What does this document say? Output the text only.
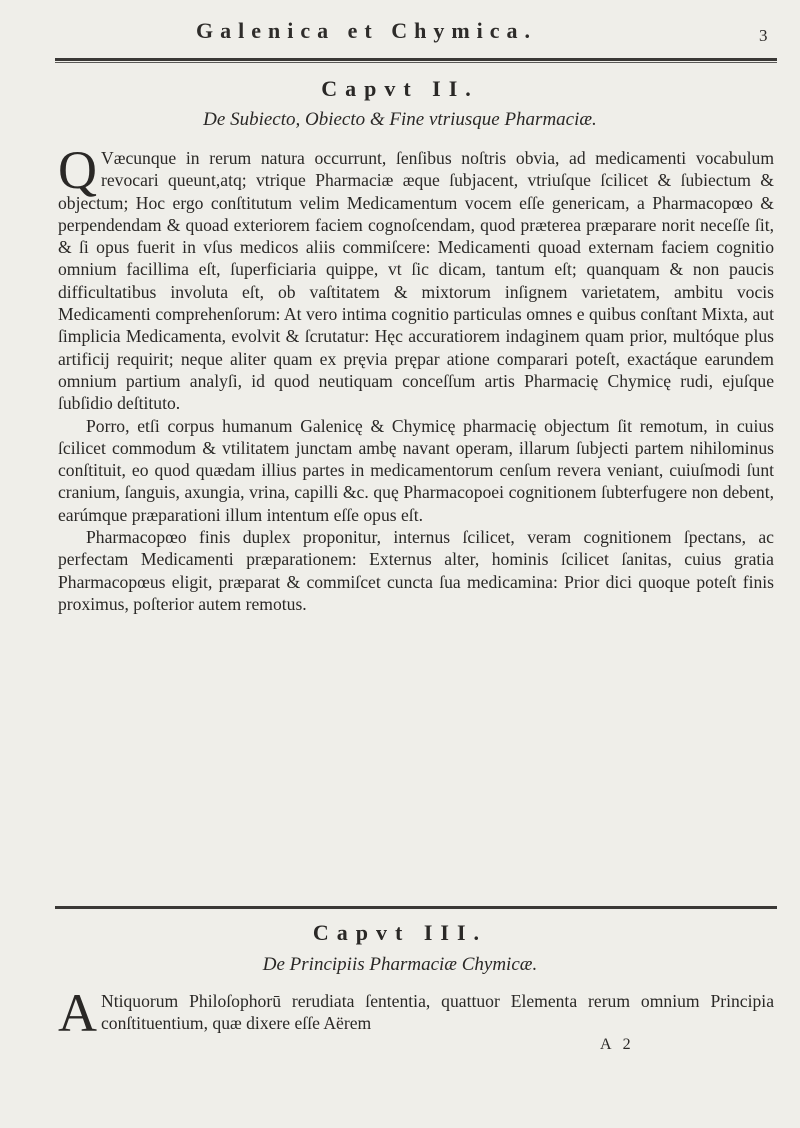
Galenica et Chymica.	3
Capvt II.
De Subiecto, Obiecto & Fine vtriusque Pharmaciæ.

Q Væcunque in rerum natura occurrunt, ſenſibus noſtris obvia, ad medicamenti vocabulum revocari queunt,atq; vtrique Pharmaciæ æque ſubjacent, vtriuſque ſcilicet & ſubiectum & objectum; Hoc ergo conſtitutum velim Medicamentum vocem eſſe genericam, a Pharmacopœo & perpendendam & quoad exteriorem faciem cognoſcendam, quod præterea præparare norit neceſſe ſit, & ſi opus fuerit in vſus medicos aliis commiſcere: Medicamenti quoad externam faciem cognitio omnium facillima eſt, ſuperficiaria quippe, vt ſic dicam, tantum eſt; quanquam & non paucis difficultatibus involuta eſt, ob vaſtitatem & mixtorum inſignem varietatem, ambitu vocis Medicamenti comprehenſorum: At vero intima cognitio particulas omnes e quibus conſtant Mixta, aut ſimplicia Medicamenta, evolvit & ſcrutatur: Hęc accuratiorem indaginem quam prior, multóque plus artificij requirit; neque aliter quam ex pręvia prępar atione comparari poteſt, exactáque earundem omnium partium analyſi, id quod neutiquam conceſſum artis Pharmacię Chymicę rudi, ejuſque ſubſidio deſtituto.

Porro, etſi corpus humanum Galenicę & Chymicę pharmacię objectum ſit remotum, in cuius ſcilicet commodum & vtilitatem junctam ambę navant operam, illarum ſubjecti partem nihilominus conſtituit, eo quod quædam illius partes in medicamentorum cenſum revera veniant, cuiuſmodi ſunt cranium, ſanguis, axungia, vrina, capilli &c. quę Pharmacopoei cognitionem ſubterfugere non debent, earúmque præparationi illum intentum eſſe opus eſt.

Pharmacopœo finis duplex proponitur, internus ſcilicet, veram cognitionem ſpectans, ac perfectam Medicamenti præparationem: Externus alter, hominis ſcilicet ſanitas, cuius gratia Pharmacopœus eligit, præparat & commiſcet cuncta ſua medicamina: Prior dici quoque poteſt finis proximus, poſterior autem remotus.

Capvt III.
De Principiis Pharmaciæ Chymicæ.

A Ntiquorum Philoſophorū rerudiata ſententia, quattuor Elementa rerum omnium Principia conſtituentium, quæ dixere eſſe Aërem

A 2
